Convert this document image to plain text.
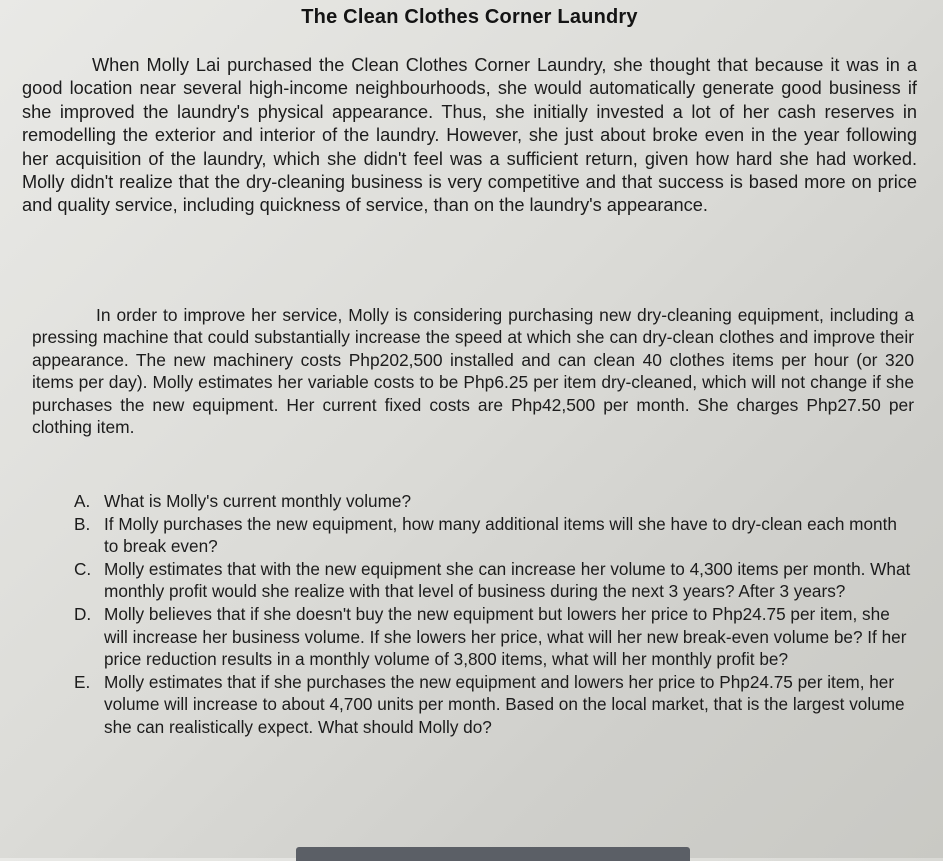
The Clean Clothes Corner Laundry

When Molly Lai purchased the Clean Clothes Corner Laundry, she thought that because it was in a good location near several high-income neighbourhoods, she would automatically generate good business if she improved the laundry's physical appearance. Thus, she initially invested a lot of her cash reserves in remodelling the exterior and interior of the laundry. However, she just about broke even in the year following her acquisition of the laundry, which she didn't feel was a sufficient return, given how hard she had worked. Molly didn't realize that the dry-cleaning business is very competitive and that success is based more on price and quality service, including quickness of service, than on the laundry's appearance.

In order to improve her service, Molly is considering purchasing new dry-cleaning equipment, including a pressing machine that could substantially increase the speed at which she can dry-clean clothes and improve their appearance. The new machinery costs Php202,500 installed and can clean 40 clothes items per hour (or 320 items per day). Molly estimates her variable costs to be Php6.25 per item dry-cleaned, which will not change if she purchases the new equipment. Her current fixed costs are Php42,500 per month. She charges Php27.50 per clothing item.

A. What is Molly's current monthly volume?
B. If Molly purchases the new equipment, how many additional items will she have to dry-clean each month to break even?
C. Molly estimates that with the new equipment she can increase her volume to 4,300 items per month. What monthly profit would she realize with that level of business during the next 3 years? After 3 years?
D. Molly believes that if she doesn't buy the new equipment but lowers her price to Php24.75 per item, she will increase her business volume. If she lowers her price, what will her new break-even volume be? If her price reduction results in a monthly volume of 3,800 items, what will her monthly profit be?
E. Molly estimates that if she purchases the new equipment and lowers her price to Php24.75 per item, her volume will increase to about 4,700 units per month. Based on the local market, that is the largest volume she can realistically expect. What should Molly do?
